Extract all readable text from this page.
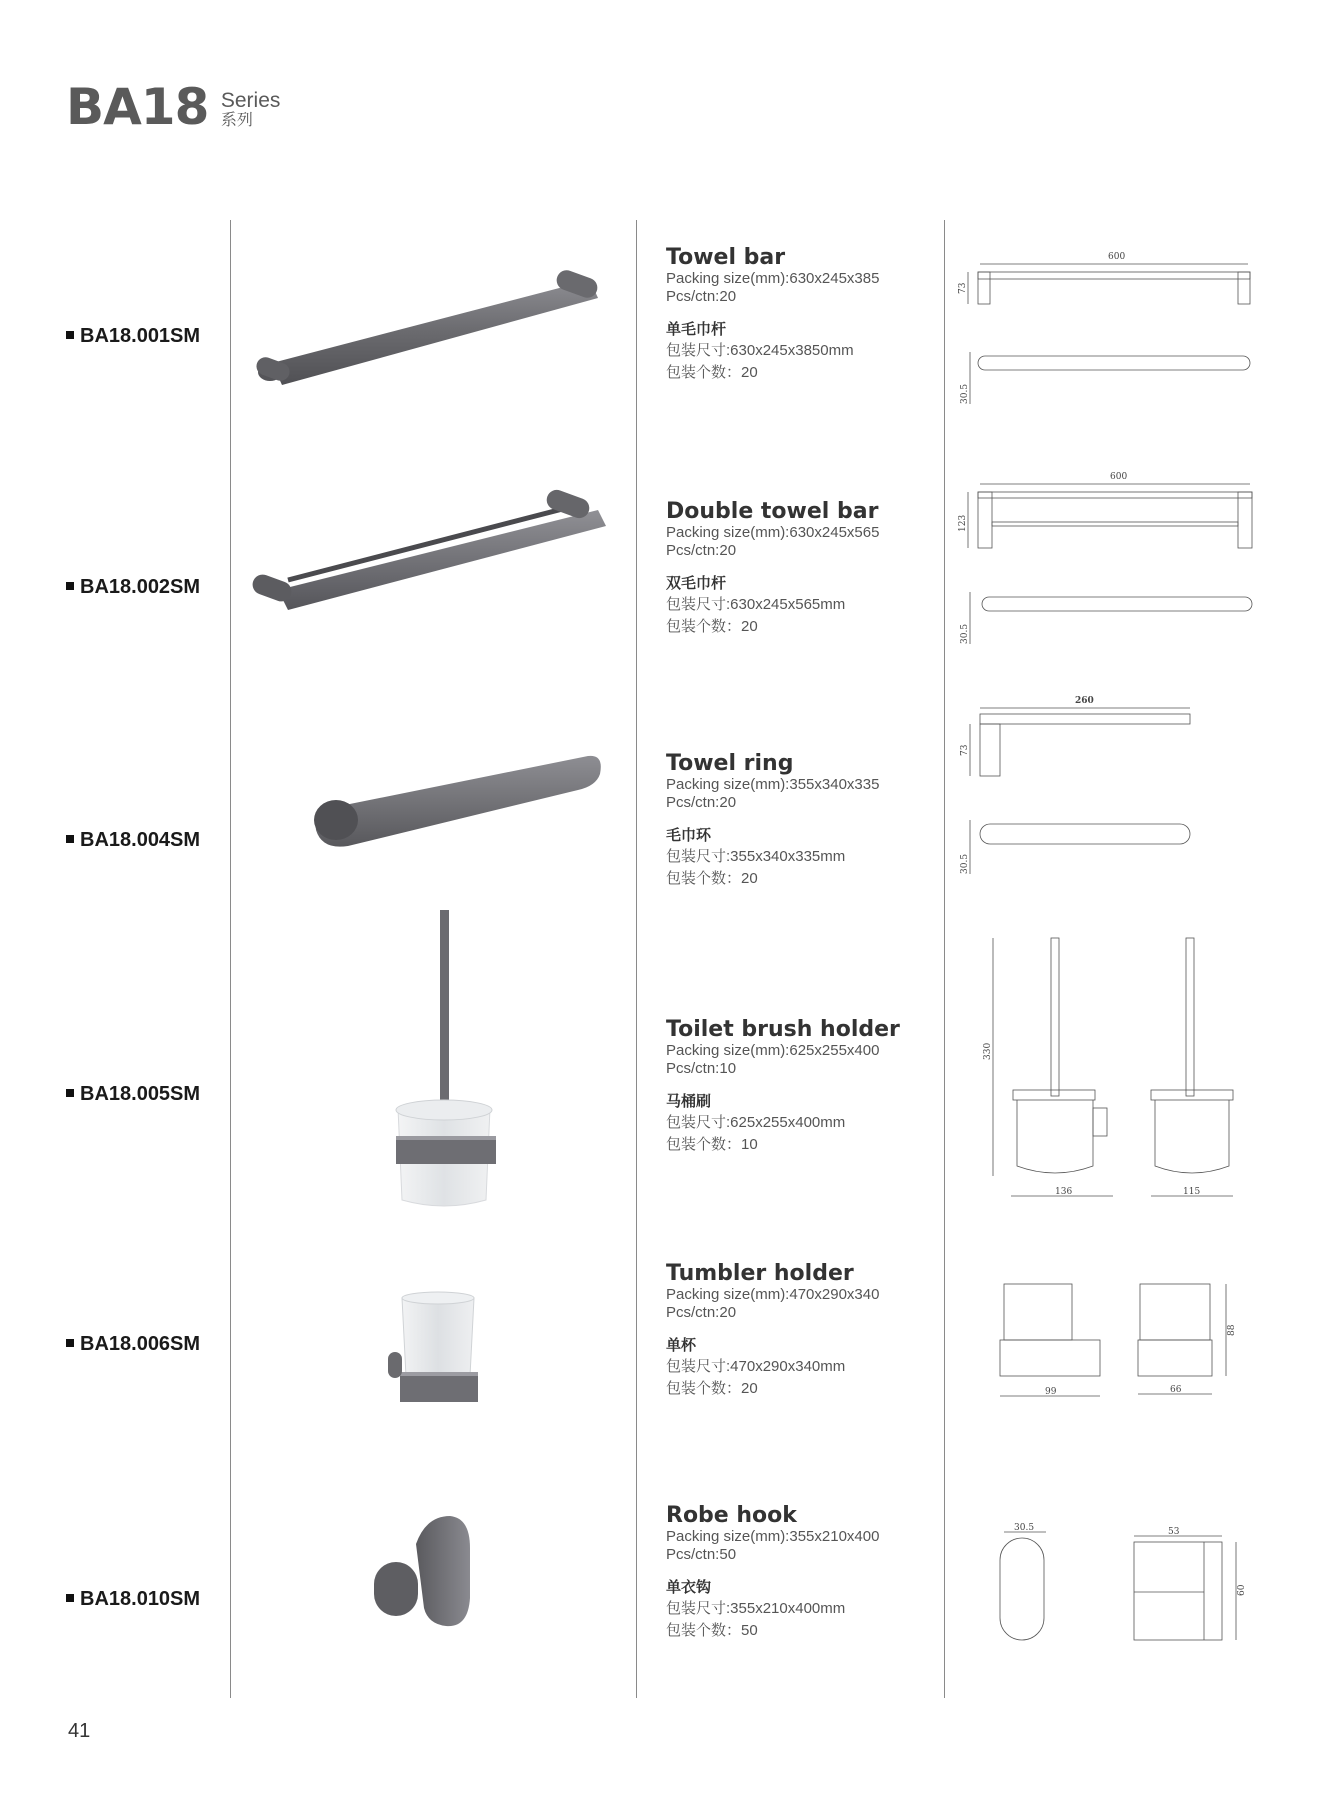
BA18 Series
系列
BA18.001SM
Towel bar
Packing size(mm):630x245x385
Pcs/ctn:20
单毛巾杆
包装尺寸:630x245x3850mm
包装个数：20
600
73
30.5
BA18.002SM
Double towel bar
Packing size(mm):630x245x565
Pcs/ctn:20
双毛巾杆
包装尺寸:630x245x565mm
包装个数：20
600
123
30.5
BA18.004SM
Towel ring
Packing size(mm):355x340x335
Pcs/ctn:20
毛巾环
包装尺寸:355x340x335mm
包装个数：20
260
73
30.5
BA18.005SM
Toilet brush holder
Packing size(mm):625x255x400
Pcs/ctn:10
马桶刷
包装尺寸:625x255x400mm
包装个数：10
330
136	115
BA18.006SM
Tumbler holder
Packing size(mm):470x290x340
Pcs/ctn:20
单杯
包装尺寸:470x290x340mm
包装个数：20	99	66
88
BA18.010SM
Robe hook
Packing size(mm):355x210x400
Pcs/ctn:50
单衣钩
包装尺寸:355x210x400mm
包装个数：50
30.5	53
60
41
